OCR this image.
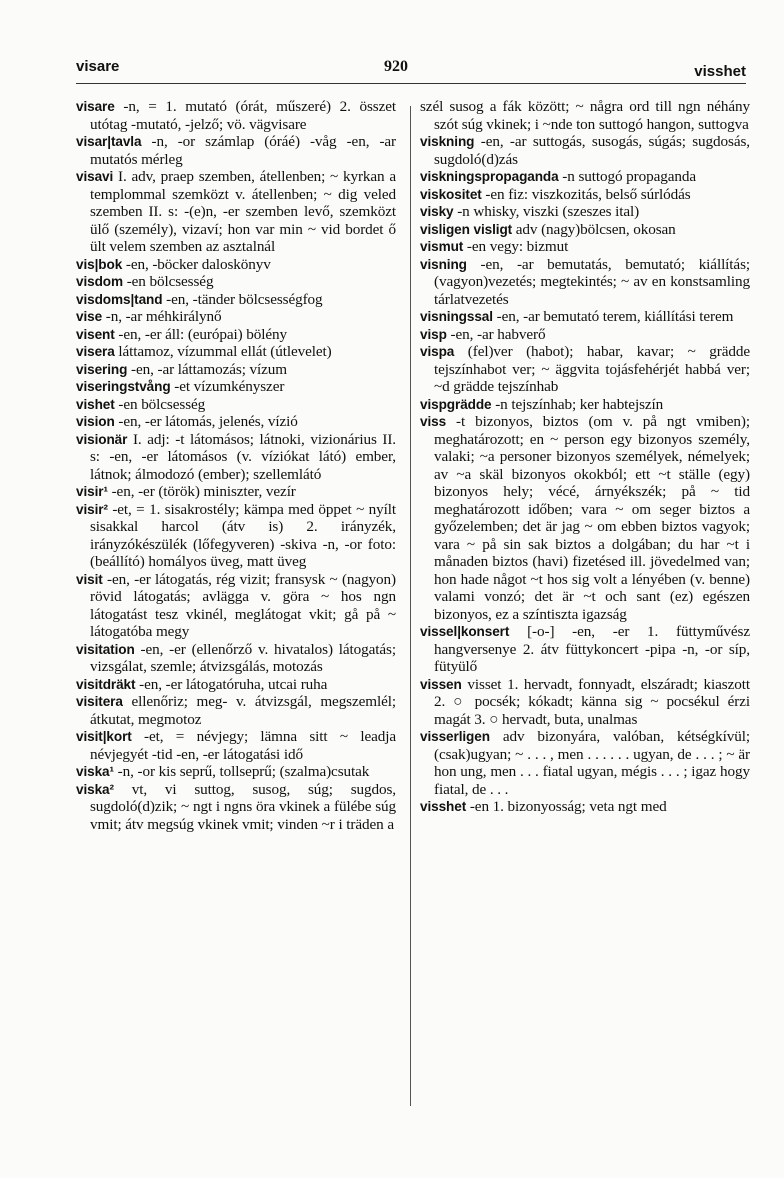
visare	920	visshet

visare -n, = 1. mutató (órát, műszeré) 2. összet utótag -mutató, -jelző; vö. vägvisare

visar|tavla -n, -or számlap (óráé) -våg -en, -ar mutatós mérleg

visavi I. adv, praep szemben, átellenben; ~ kyrkan a templommal szemközt v. átellenben; ~ dig veled szemben II. s: -(e)n, -er szemben levő, szemközt ülő (személy), vizaví; hon var min ~ vid bordet ő ült velem szemben az asztalnál

vis|bok -en, -böcker daloskönyv

visdom -en bölcsesség

visdoms|tand -en, -tänder bölcsességfog

vise -n, -ar méhkirálynő

visent -en, -er áll: (európai) bölény

visera láttamoz, vízummal ellát (útlevelet)

visering -en, -ar láttamozás; vízum

viseringstvång -et vízumkényszer

vishet -en bölcsesség

vision -en, -er látomás, jelenés, vízió

visionär I. adj: -t látomásos; látnoki, vizionárius II. s: -en, -er látomásos (v. víziókat látó) ember, látnok; álmodozó (ember); szellemlátó

visir¹ -en, -er (török) miniszter, vezír

visir² -et, = 1. sisakrostély; kämpa med öppet ~ nyílt sisakkal harcol (átv is) 2. irányzék, irányzókészülék (lőfegyveren) -skiva -n, -or foto: (beállító) homályos üveg, matt üveg

visit -en, -er látogatás, rég vizit; fransysk ~ (nagyon) rövid látogatás; avlägga v. göra ~ hos ngn látogatást tesz vkinél, meglátogat vkit; gå på ~ látogatóba megy

visitation -en, -er (ellenőrző v. hivatalos) látogatás; vizsgálat, szemle; átvizsgálás, motozás

visitdräkt -en, -er látogatóruha, utcai ruha

visitera ellenőriz; meg- v. átvizsgál, megszemlél; átkutat, megmotoz

visit|kort -et, = névjegy; lämna sitt ~ leadja névjegyét -tid -en, -er látogatási idő

viska¹ -n, -or kis seprű, tollseprű; (szalma)csutak

viska² vt, vi suttog, susog, súg; sugdos, sugdoló(d)zik; ~ ngt i ngns öra vkinek a fülébe súg vmit; átv megsúg vkinek vmit; vinden ~r i träden a

szél susog a fák között; ~ några ord till ngn néhány szót súg vkinek; i ~nde ton suttogó hangon, suttogva

viskning -en, -ar suttogás, susogás, súgás; sugdosás, sugdoló(d)zás

viskningspropaganda -n suttogó propaganda

viskositet -en fiz: viszkozitás, belső súrlódás

visky -n whisky, viszki (szeszes ital)

visligen visligt adv (nagy)bölcsen, okosan

vismut -en vegy: bizmut

visning -en, -ar bemutatás, bemutató; kiállítás; (vagyon)vezetés; megtekintés; ~ av en konstsamling tárlatvezetés

visningssal -en, -ar bemutató terem, kiállítási terem

visp -en, -ar habverő

vispa (fel)ver (habot); habar, kavar; ~ grädde tejszínhabot ver; ~ äggvita tojásfehérjét habbá ver; ~d grädde tejszínhab

vispgrädde -n tejszínhab; ker habtejszín

viss -t bizonyos, biztos (om v. på ngt vmiben); meghatározott; en ~ person egy bizonyos személy, valaki; ~a personer bizonyos személyek, némelyek; av ~a skäl bizonyos okokból; ett ~t ställe (egy) bizonyos hely; vécé, árnyékszék; på ~ tid meghatározott időben; vara ~ om seger biztos a győzelemben; det är jag ~ om ebben biztos vagyok; vara ~ på sin sak biztos a dolgában; du har ~t i månaden biztos (havi) fizetésed ill. jövedelmed van; hon hade något ~t hos sig volt a lényében (v. benne) valami vonzó; det är ~t och sant (ez) egészen bizonyos, ez a színtiszta igazság

vissel|konsert [-o-] -en, -er 1. füttyművész hangversenye 2. átv füttykoncert -pipa -n, -or síp, fütyülő

vissen visset 1. hervadt, fonnyadt, elszáradt; kiaszott 2. ○ pocsék; kókadt; känna sig ~ pocsékul érzi magát 3. ○ hervadt, buta, unalmas

visserligen adv bizonyára, valóban, kétségkívül; (csak)ugyan; ~ . . . , men . . . . . . ugyan, de . . . ; ~ är hon ung, men . . . fiatal ugyan, mégis . . . ; igaz hogy fiatal, de . . .

visshet -en 1. bizonyosság; veta ngt med
